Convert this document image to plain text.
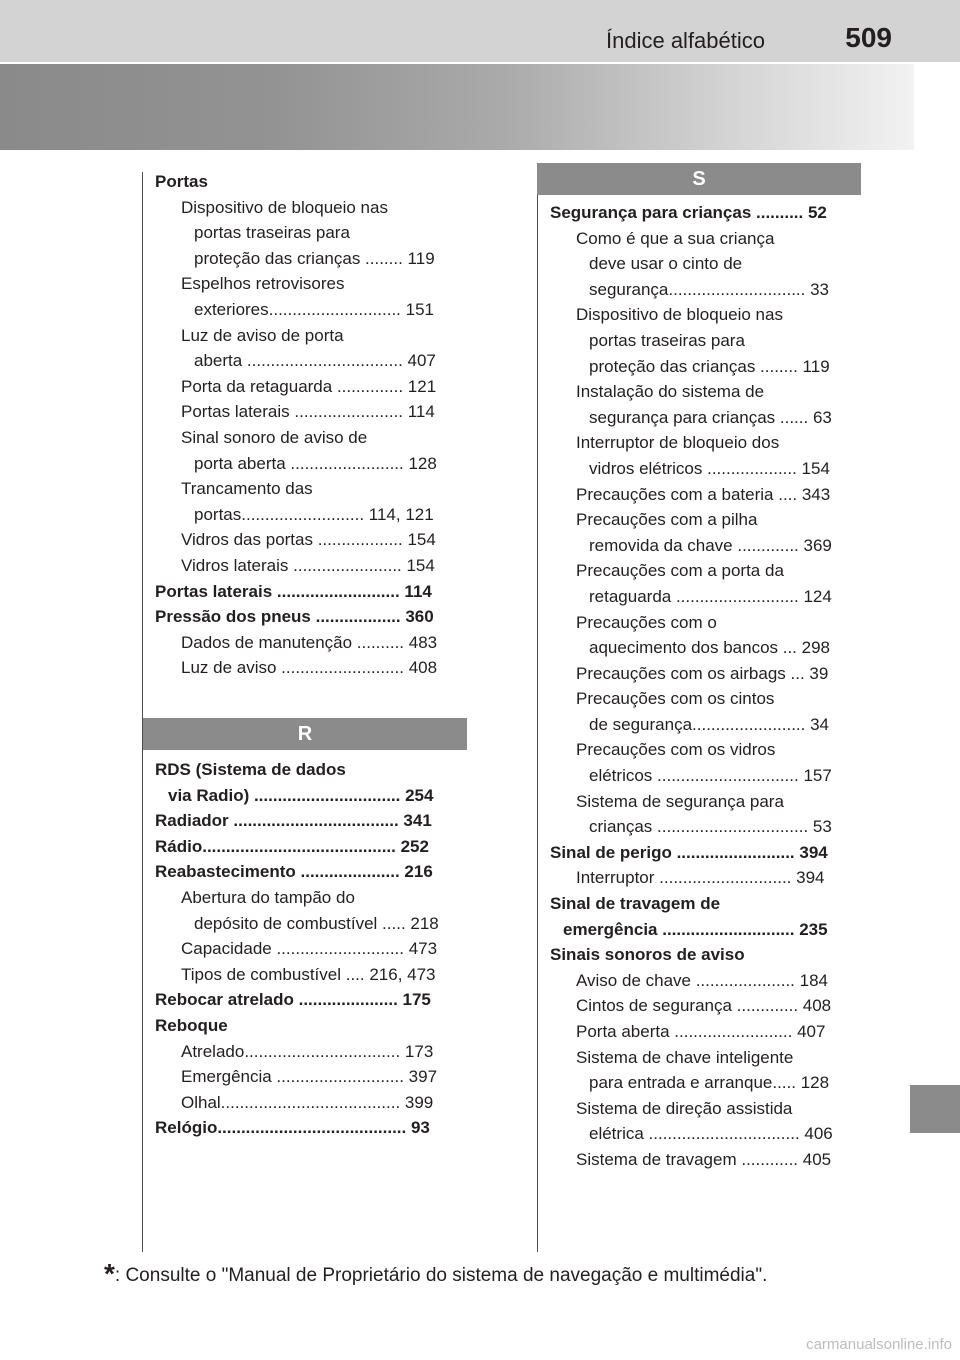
Índice alfabético	509
Portas
Dispositivo de bloqueio nas
portas traseiras para
proteção das crianças ........ 119
Espelhos retrovisores
exteriores............................ 151
Luz de aviso de porta
aberta ................................. 407
Porta da retaguarda .............. 121
Portas laterais ....................... 114
Sinal sonoro de aviso de
porta aberta ........................ 128
Trancamento das
portas.......................... 114, 121
Vidros das portas .................. 154
Vidros laterais ....................... 154
Portas laterais .......................... 114
Pressão dos pneus .................. 360
Dados de manutenção .......... 483
Luz de aviso .......................... 408
R
RDS (Sistema de dados
via Radio) ............................... 254
Radiador ................................... 341
Rádio......................................... 252
Reabastecimento ..................... 216
Abertura do tampão do
depósito de combustível ..... 218
Capacidade ........................... 473
Tipos de combustível .... 216, 473
Rebocar atrelado ..................... 175
Reboque
Atrelado................................. 173
Emergência ........................... 397
Olhal...................................... 399
Relógio........................................ 93
S
Segurança para crianças .......... 52
Como é que a sua criança
deve usar o cinto de
segurança............................. 33
Dispositivo de bloqueio nas
portas traseiras para
proteção das crianças ........ 119
Instalação do sistema de
segurança para crianças ...... 63
Interruptor de bloqueio dos
vidros elétricos ................... 154
Precauções com a bateria .... 343
Precauções com a pilha
removida da chave ............. 369
Precauções com a porta da
retaguarda .......................... 124
Precauções com o
aquecimento dos bancos ... 298
Precauções com os airbags ... 39
Precauções com os cintos
de segurança........................ 34
Precauções com os vidros
elétricos .............................. 157
Sistema de segurança para
crianças ................................ 53
Sinal de perigo ......................... 394
Interruptor ............................ 394
Sinal de travagem de
emergência ............................ 235
Sinais sonoros de aviso
Aviso de chave ..................... 184
Cintos de segurança ............. 408
Porta aberta ......................... 407
Sistema de chave inteligente
para entrada e arranque..... 128
Sistema de direção assistida
elétrica ................................ 406
Sistema de travagem ............ 405
*: Consulte o "Manual de Proprietário do sistema de navegação e multimédia".
carmanualsonline.info
